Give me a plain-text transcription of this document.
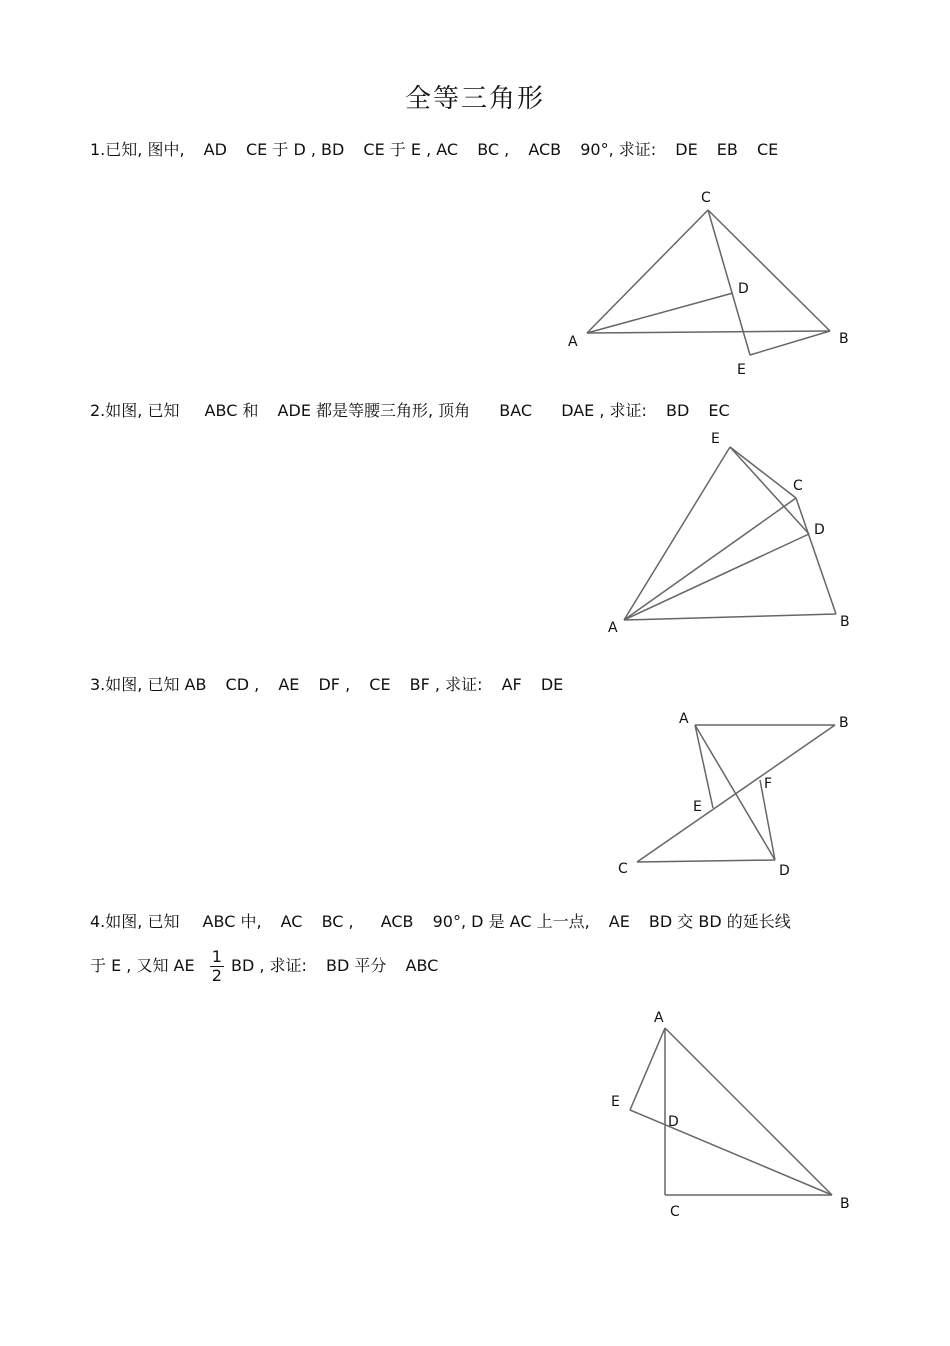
全等三角形
1.已知, 图中, AD CE 于 D , BD CE 于 E , AC BC , ACB 90°, 求证: DE EB CE
C
D
A	B
E
2.如图, 已知 ABC 和 ADE 都是等腰三角形, 顶角 BAC DAE , 求证: BD EC
E
C
D
A	B
3.如图, 已知 AB CD , AE DF , CE BF , 求证: AF DE
A	B
F
E
C	D
4.如图, 已知 ABC 中, AC BC , ACB 90°, D 是 AC 上一点, AE BD 交 BD 的延长线
于 E , 又知 AE $\frac{1}{2}$ BD , 求证: BD 平分 ABC
A
E
D
C	B
